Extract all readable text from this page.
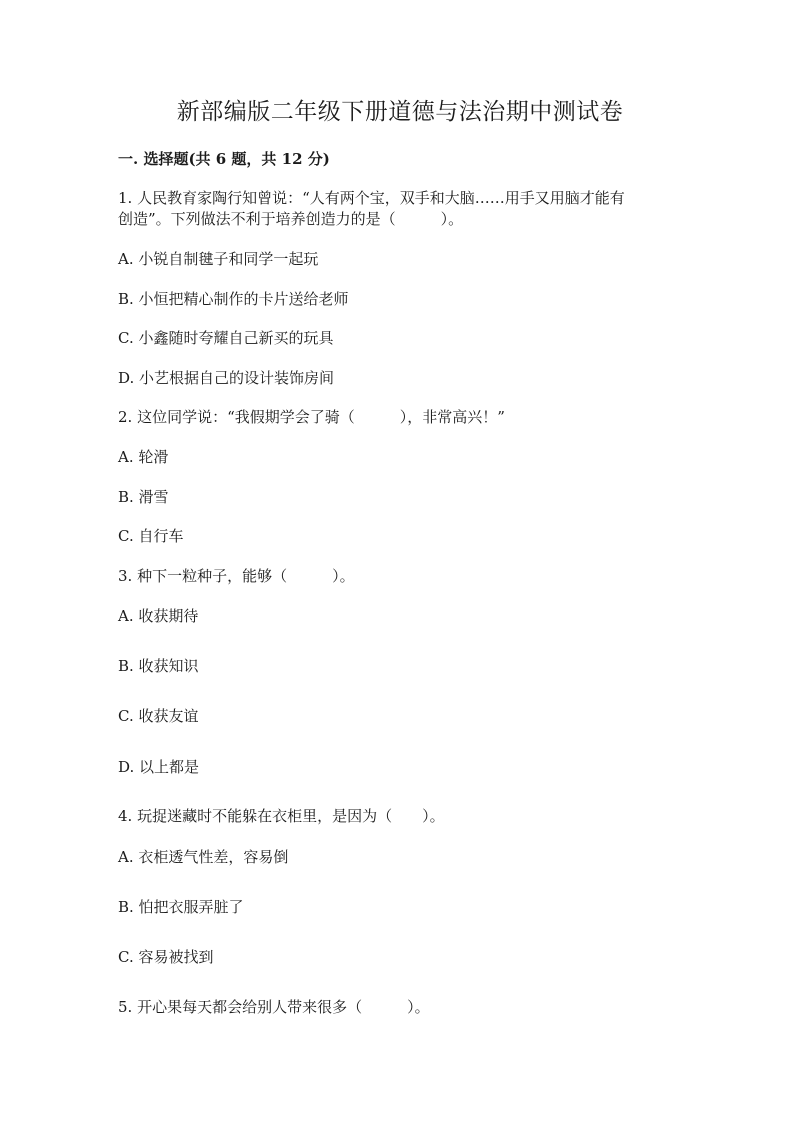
新部编版二年级下册道德与法治期中测试卷
一. 选择题(共 6 题，共 12 分)

1. 人民教育家陶行知曾说：“人有两个宝，双手和大脑……用手又用脑才能有

创造”。下列做法不利于培养创造力的是（　　　）。

A. 小锐自制毽子和同学一起玩

B. 小恒把精心制作的卡片送给老师

C. 小鑫随时夸耀自己新买的玩具

D. 小艺根据自己的设计装饰房间

2. 这位同学说：“我假期学会了骑（　　　），非常高兴！”

A. 轮滑

B. 滑雪

C. 自行车

3. 种下一粒种子，能够（　　　）。

A. 收获期待

B. 收获知识

C. 收获友谊

D. 以上都是

4. 玩捉迷藏时不能躲在衣柜里，是因为（　　）。

A. 衣柜透气性差，容易倒

B. 怕把衣服弄脏了

C. 容易被找到

5. 开心果每天都会给别人带来很多（　　　）。
